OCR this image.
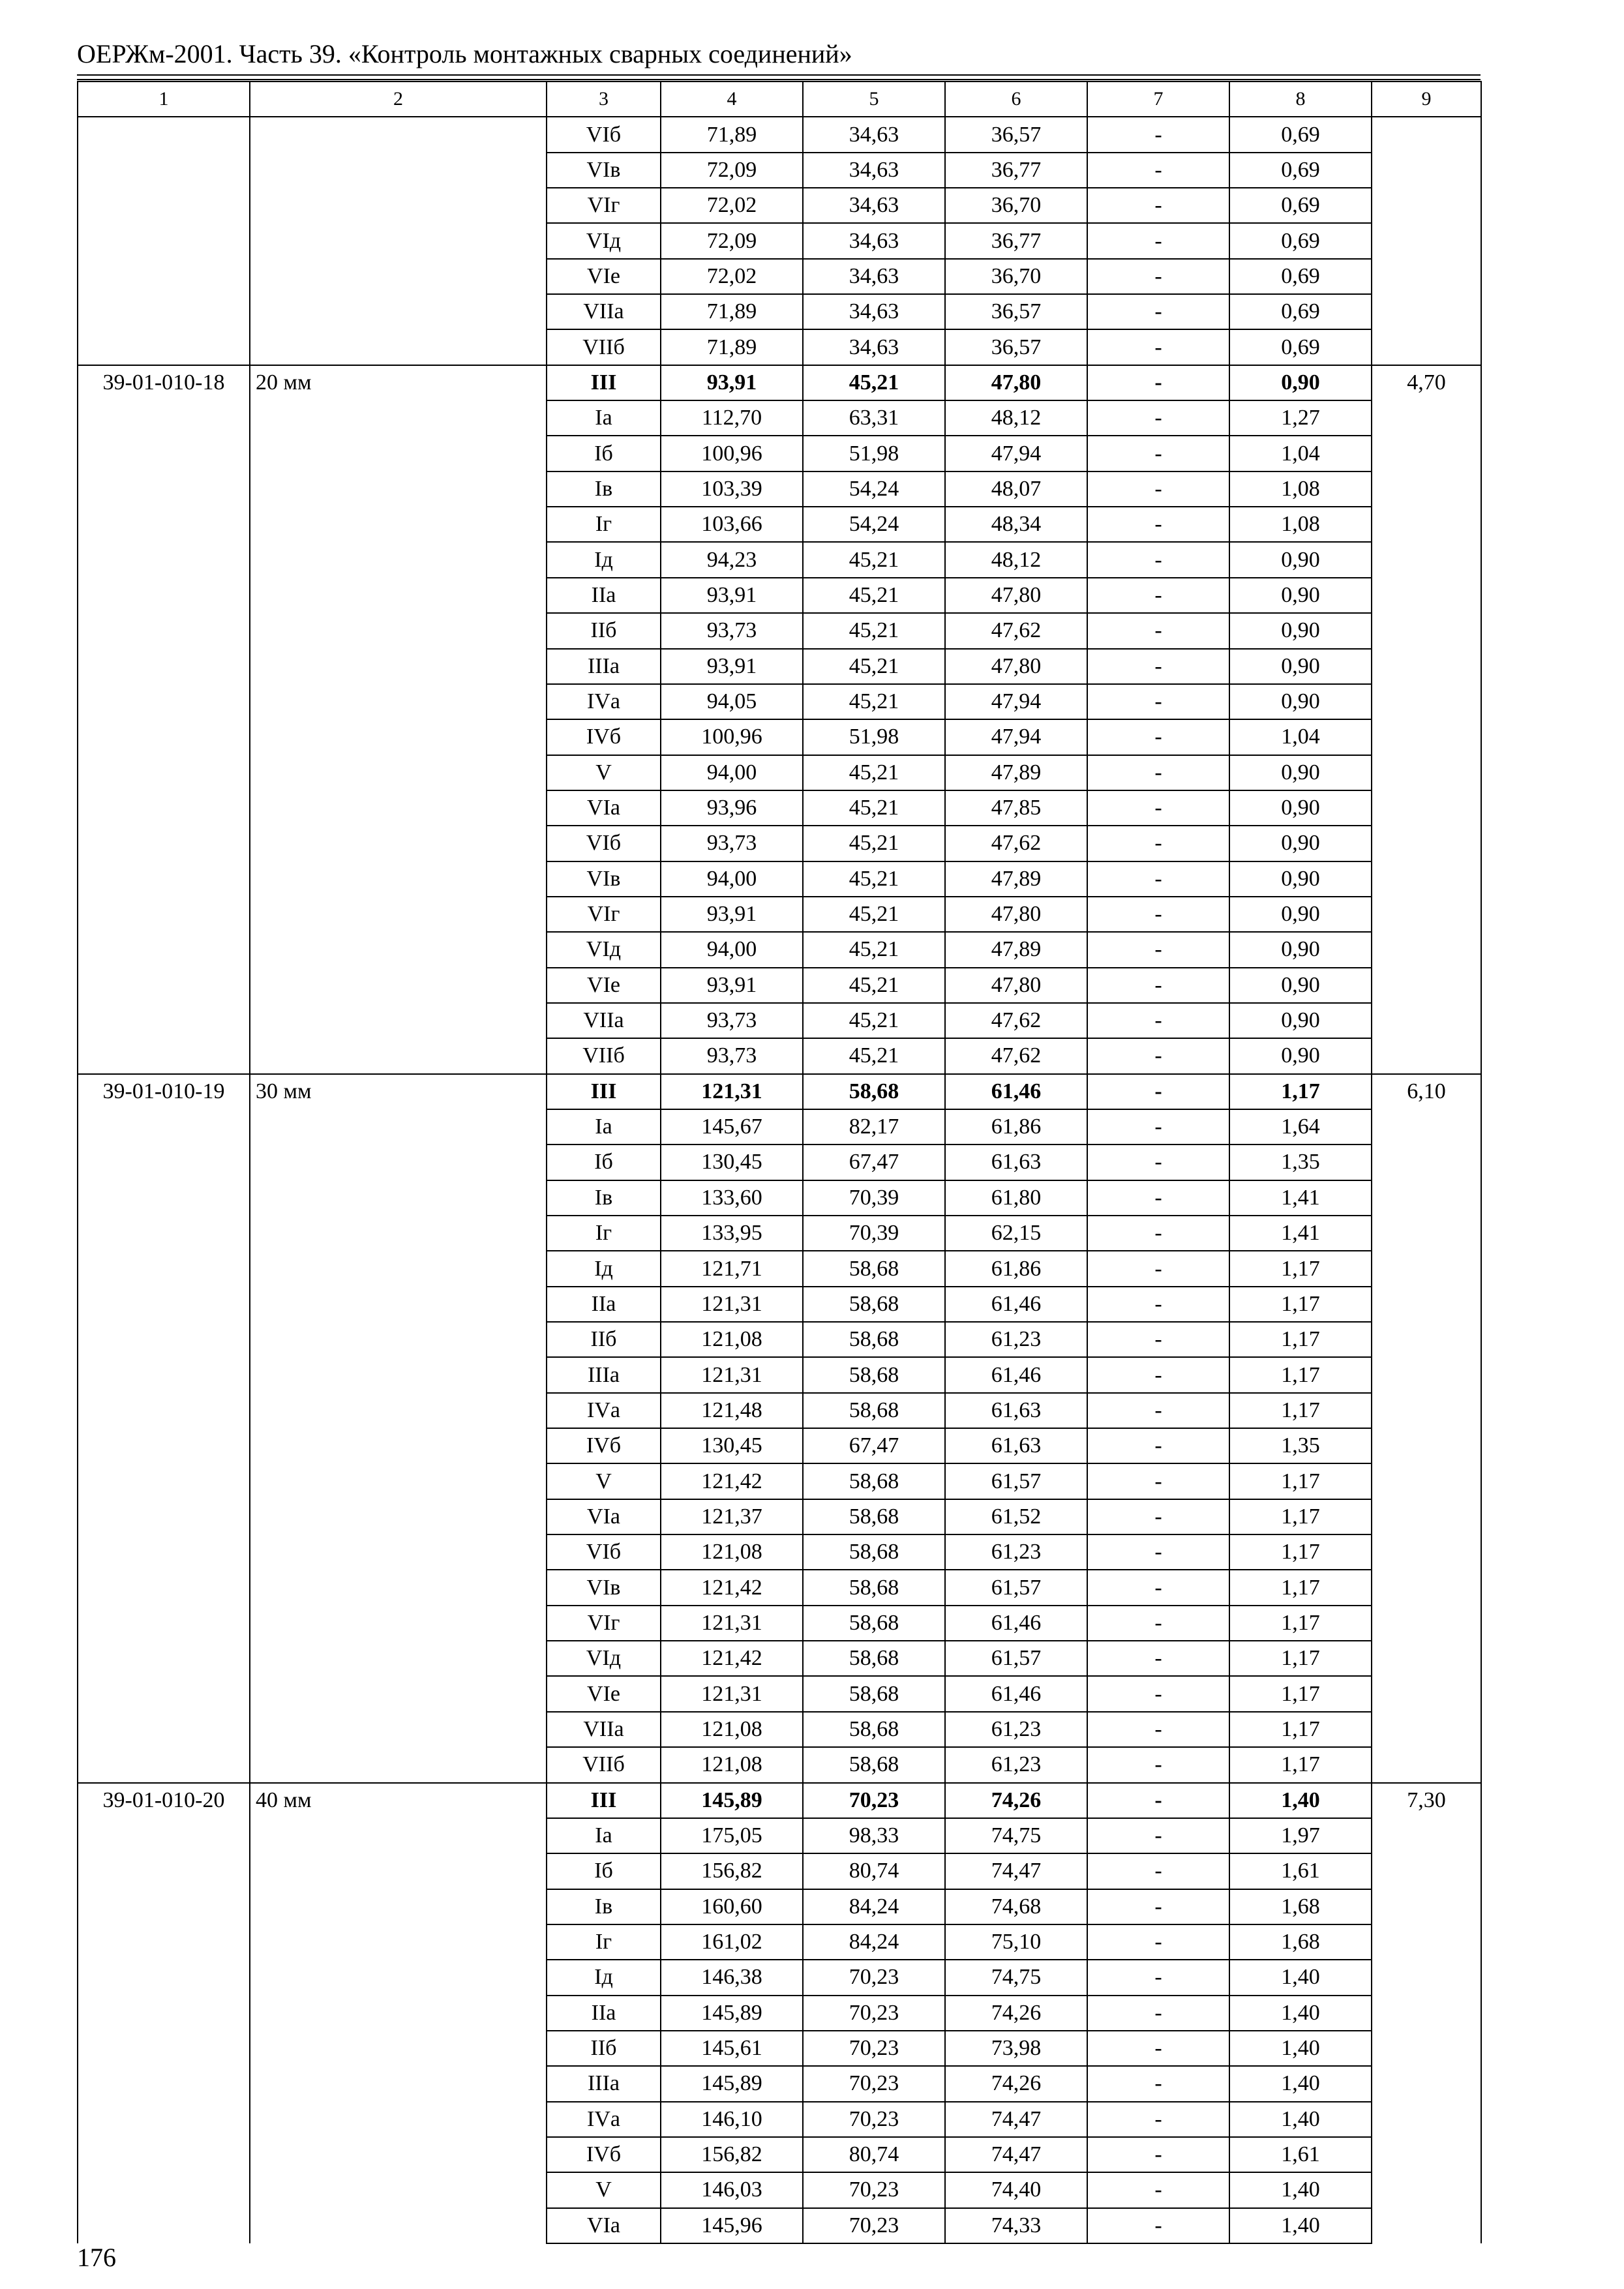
ОЕРЖм-2001. Часть 39. «Контроль монтажных сварных соединений»
1	2	3	4	5	6	7	8	9
		VIб	71,89	34,63	36,57	-	0,69	
		VIв	72,09	34,63	36,77	-	0,69	
		VIг	72,02	34,63	36,70	-	0,69	
		VIд	72,09	34,63	36,77	-	0,69	
		VIе	72,02	34,63	36,70	-	0,69	
		VIIа	71,89	34,63	36,57	-	0,69	
		VIIб	71,89	34,63	36,57	-	0,69	
39-01-010-18	20 мм	III	93,91	45,21	47,80	-	0,90	4,70
		Iа	112,70	63,31	48,12	-	1,27	
		Iб	100,96	51,98	47,94	-	1,04	
		Iв	103,39	54,24	48,07	-	1,08	
		Iг	103,66	54,24	48,34	-	1,08	
		Iд	94,23	45,21	48,12	-	0,90	
		IIа	93,91	45,21	47,80	-	0,90	
		IIб	93,73	45,21	47,62	-	0,90	
		IIIа	93,91	45,21	47,80	-	0,90	
		IVа	94,05	45,21	47,94	-	0,90	
		IVб	100,96	51,98	47,94	-	1,04	
		V	94,00	45,21	47,89	-	0,90	
		VIа	93,96	45,21	47,85	-	0,90	
		VIб	93,73	45,21	47,62	-	0,90	
		VIв	94,00	45,21	47,89	-	0,90	
		VIг	93,91	45,21	47,80	-	0,90	
		VIд	94,00	45,21	47,89	-	0,90	
		VIе	93,91	45,21	47,80	-	0,90	
		VIIа	93,73	45,21	47,62	-	0,90	
		VIIб	93,73	45,21	47,62	-	0,90	
39-01-010-19	30 мм	III	121,31	58,68	61,46	-	1,17	6,10
		Iа	145,67	82,17	61,86	-	1,64	
		Iб	130,45	67,47	61,63	-	1,35	
		Iв	133,60	70,39	61,80	-	1,41	
		Iг	133,95	70,39	62,15	-	1,41	
		Iд	121,71	58,68	61,86	-	1,17	
		IIа	121,31	58,68	61,46	-	1,17	
		IIб	121,08	58,68	61,23	-	1,17	
		IIIа	121,31	58,68	61,46	-	1,17	
		IVа	121,48	58,68	61,63	-	1,17	
		IVб	130,45	67,47	61,63	-	1,35	
		V	121,42	58,68	61,57	-	1,17	
		VIа	121,37	58,68	61,52	-	1,17	
		VIб	121,08	58,68	61,23	-	1,17	
		VIв	121,42	58,68	61,57	-	1,17	
		VIг	121,31	58,68	61,46	-	1,17	
		VIд	121,42	58,68	61,57	-	1,17	
		VIе	121,31	58,68	61,46	-	1,17	
		VIIа	121,08	58,68	61,23	-	1,17	
		VIIб	121,08	58,68	61,23	-	1,17	
39-01-010-20	40 мм	III	145,89	70,23	74,26	-	1,40	7,30
		Iа	175,05	98,33	74,75	-	1,97	
		Iб	156,82	80,74	74,47	-	1,61	
		Iв	160,60	84,24	74,68	-	1,68	
		Iг	161,02	84,24	75,10	-	1,68	
		Iд	146,38	70,23	74,75	-	1,40	
		IIа	145,89	70,23	74,26	-	1,40	
		IIб	145,61	70,23	73,98	-	1,40	
		IIIа	145,89	70,23	74,26	-	1,40	
		IVа	146,10	70,23	74,47	-	1,40	
		IVб	156,82	80,74	74,47	-	1,61	
		V	146,03	70,23	74,40	-	1,40	
		VIа	145,96	70,23	74,33	-	1,40	
176
